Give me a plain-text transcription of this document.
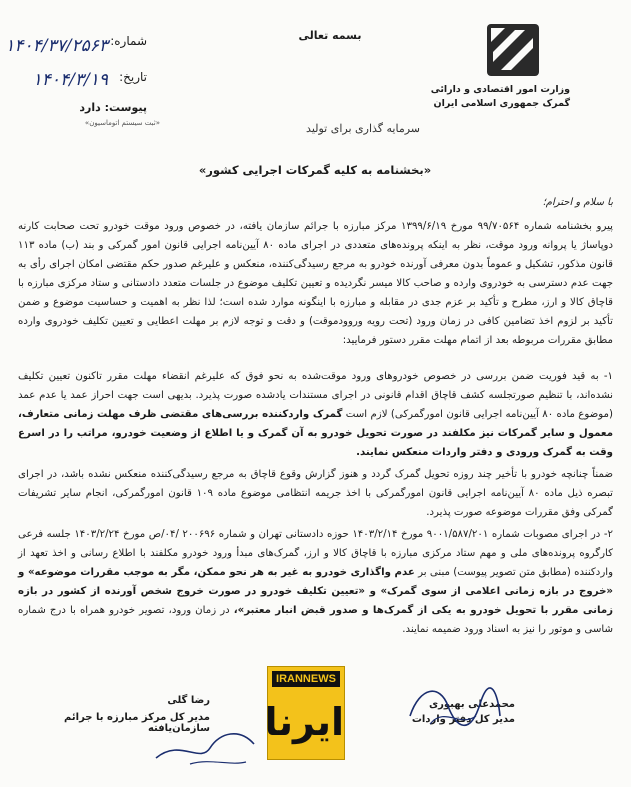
وزارت امور اقتصادی و دارائی
گمرک جمهوری اسلامی ایران
بسمه تعالی
شماره:
۱۴۰۴/۳۷/۲۵۶۳
تاریخ:
۱۴۰۴/۳/۱۹
پیوست: دارد
«ثبت سیستم اتوماسیون»	سرمایه گذاری برای تولید
«بخشنامه به کلیه گمرکات اجرایی کشور»
با سلام و احترام؛
پیرو بخشنامه شماره ۹۹/۷۰۵۶۴ مورخ ۱۳۹۹/۶/۱۹ مرکز مبارزه با جرائم سازمان یافته، در خصوص ورود موقت خودرو تحت صحابت کارنه دوپاساژ یا پروانه ورود موقت، نظر به اینکه پرونده‌های متعددی در اجرای ماده ۸۰ آیین‌نامه اجرایی قانون امور گمرکی و بند (ب) ماده ۱۱۳ قانون مذکور، تشکیل و عموماً بدون معرفی آورنده خودرو به مرجع رسیدگی‌کننده، منعکس و علیرغم صدور حکم مقتضی امکان اجرای رأی به جهت عدم دسترسی به خودروی وارده و صاحب کالا میسر نگردیده و تعیین تکلیف موضوع در جلسات متعدد دادستانی و ستاد مرکزی مبارزه با قاچاق کالا و ارز، مطرح و تأکید بر عزم جدی در مقابله و مبارزه با اینگونه موارد شده است؛ لذا نظر به اهمیت و حساسیت موضوع و ضمن تأکید بر لزوم اخذ تضامین کافی در زمان ورود (تحت رویه وروودموقت) و دقت و توجه لازم بر مهلت اعطایی و تعیین تکلیف خودروی وارده مطابق مقررات مربوطه بعد از اتمام مهلت مقرر دستور فرمایید:
۱- به قید فوریت ضمن بررسی در خصوص خودروهای ورود موقت‌شده به نحو فوق که علیرغم انقضاء مهلت مقرر تاکنون تعیین تکلیف نشده‌اند، با تنظیم صورتجلسه کشف قاچاق اقدام قانونی در اجرای مستندات یادشده صورت پذیرد. بدیهی است جهت احراز عمد یا عدم عمد (موضوع ماده ۸۰ آیین‌نامه اجرایی قانون امورگمرکی) لازم است گمرک واردکننده بررسی‌های مقتضی ظرف مهلت زمانی متعارف، معمول و سایر گمرکات نیز مکلفند در صورت تحویل خودرو به آن گمرک و یا اطلاع از وضعیت خودرو، مراتب را در اسرع وقت به گمرک ورودی و دفتر واردات منعکس نمایند.
ضمناً چنانچه خودرو با تأخیر چند روزه تحویل گمرک گردد و هنوز گزارش وقوع قاچاق به مرجع رسیدگی‌کننده منعکس نشده باشد، در اجرای تبصره ذیل ماده ۸۰ آیین‌نامه اجرایی قانون امورگمرکی با اخذ جریمه انتظامی موضوع ماده ۱۰۹ قانون امورگمرکی، انجام سایر تشریفات گمرکی وفق مقررات موضوعه صورت پذیرد.
۲- در اجرای مصوبات شماره ۹۰۰۱/۵۸۷/۲۰۱ مورخ ۱۴۰۳/۲/۱۴ حوزه دادستانی تهران و شماره ۲۰۰۶۹۶ /۰۴/ص مورخ ۱۴۰۳/۲/۲۴ جلسه فرعی کارگروه پرونده‌های ملی و مهم ستاد مرکزی مبارزه با قاچاق کالا و ارز، گمرک‌های مبدأ ورود خودرو مکلفند با اطلاع رسانی و اخذ تعهد از واردکننده (مطابق متن تصویر پیوست) مبنی بر عدم واگذاری خودرو به غیر به هر نحو ممکن، مگر به موجب مقررات موضوعه» و «خروج در بازه زمانی اعلامی از سوی گمرک» و «تعیین تکلیف خودرو در صورت خروج شخص آورنده از کشور در بازه زمانی مقرر با تحویل خودرو به یکی از گمرک‌ها و صدور قبض انبار معتبر»، در زمان ورود، تصویر خودرو همراه با درج شماره شاسی و موتور را نیز به اسناد ورود ضمیمه نمایند.
محمدعلی بهبوری
مدیر کل دفتر واردات
رضا گلی
مدیر کل مرکز مبارزه با جرائم سازمان‌یافته
IRANNEWS
ایرنا
